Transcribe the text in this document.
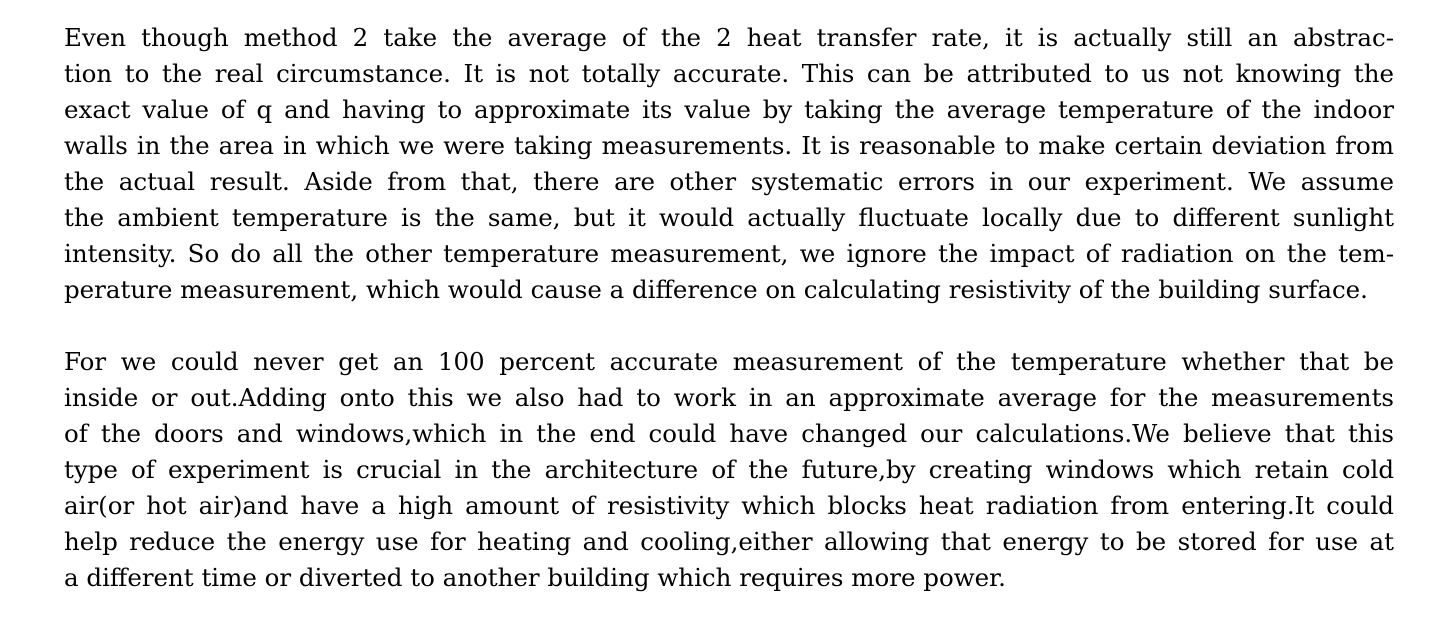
Even though method 2 take the average of the 2 heat transfer rate, it is actually still an abstrac-
tion to the real circumstance. It is not totally accurate. This can be attributed to us not knowing the
exact value of q and having to approximate its value by taking the average temperature of the indoor
walls in the area in which we were taking measurements. It is reasonable to make certain deviation from
the actual result. Aside from that, there are other systematic errors in our experiment. We assume
the ambient temperature is the same, but it would actually fluctuate locally due to different sunlight
intensity. So do all the other temperature measurement, we ignore the impact of radiation on the tem-
perature measurement, which would cause a difference on calculating resistivity of the building surface.

For we could never get an 100 percent accurate measurement of the temperature whether that be
inside or out.Adding onto this we also had to work in an approximate average for the measurements
of the doors and windows,which in the end could have changed our calculations.We believe that this
type of experiment is crucial in the architecture of the future,by creating windows which retain cold
air(or hot air)and have a high amount of resistivity which blocks heat radiation from entering.It could
help reduce the energy use for heating and cooling,either allowing that energy to be stored for use at
a different time or diverted to another building which requires more power.
